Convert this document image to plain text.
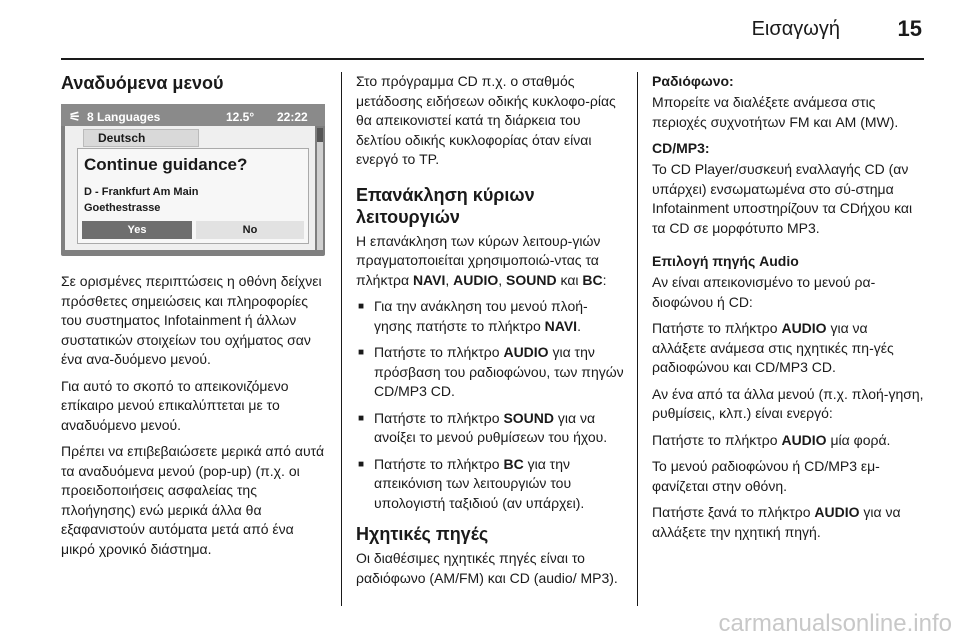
Εισαγωγή	15
Αναδυόμενα μενού
⚟ 8 Languages	12.5° 22:22
Deutsch
Continue guidance?
D - Frankfurt Am Main
Goethestrasse
Yes	No

Σε ορισμένες περιπτώσεις η οθόνη δείχνει πρόσθετες σημειώσεις και πληροφορίες του συστηματος Infotainment ή άλλων συστατικών στοιχείων του οχήματος σαν ένα ανα-δυόμενο μενού.

Για αυτό το σκοπό το απεικονιζόμενο επίκαιρο μενού επικαλύπτεται με το αναδυόμενο μενού.

Πρέπει να επιβεβαιώσετε μερικά από αυτά τα αναδυόμενα μενού (pop-up) (π.χ. οι προειδοποιήσεις ασφαλείας της πλοήγησης) ενώ μερικά άλλα θα εξαφανιστούν αυτόματα μετά από ένα μικρό χρονικό διάστημα.

Στο πρόγραμμα CD π.χ. ο σταθμός μετάδοσης ειδήσεων οδικής κυκλοφο-ρίας θα απεικονιστεί κατά τη διάρκεια του δελτίου οδικής κυκλοφορίας όταν είναι ενεργό το TP.

Επανάκληση κύριων λειτουργιών

Η επανάκληση των κύρων λειτουρ-γιών πραγματοποιείται χρησιμοποιώ-ντας τα πλήκτρα NAVI, AUDIO, SOUND και BC:

■ Για την ανάκληση του μενού πλοή-γησης πατήστε το πλήκτρο NAVI.
■ Πατήστε το πλήκτρο AUDIO για την πρόσβαση του ραδιοφώνου, των πηγών CD/MP3 CD.
■ Πατήστε το πλήκτρο SOUND για να ανοίξει το μενού ρυθμίσεων του ήχου.
■ Πατήστε το πλήκτρο BC για την απεικόνιση των λειτουργιών του υπολογιστή ταξιδιού (αν υπάρχει).
Ηχητικές πηγές

Οι διαθέσιμες ηχητικές πηγές είναι το ραδιόφωνο (AM/FM) και CD (audio/ MP3).

Ραδιόφωνο:

Μπορείτε να διαλέξετε ανάμεσα στις περιοχές συχνοτήτων FM και AM (MW).

CD/MP3:

Το CD Player/συσκευή εναλλαγής CD (αν υπάρχει) ενσωματωμένα στο σύ-στημα Infotainment υποστηρίζουν τα CDήχου και τα CD σε μορφότυπο MP3.

Επιλογή πηγής Audio

Αν είναι απεικονισμένο το μενού ρα-διοφώνου ή CD:

Πατήστε το πλήκτρο AUDIO για να αλλάξετε ανάμεσα στις ηχητικές πη-γές ραδιοφώνου και CD/MP3 CD.

Αν ένα από τα άλλα μενού (π.χ. πλοή-γηση, ρυθμίσεις, κλπ.) είναι ενεργό:

Πατήστε το πλήκτρο AUDIO μία φορά.

Το μενού ραδιοφώνου ή CD/MP3 εμ-φανίζεται στην οθόνη.

Πατήστε ξανά το πλήκτρο AUDIO για να αλλάξετε την ηχητική πηγή.

carmanualsonline.info
